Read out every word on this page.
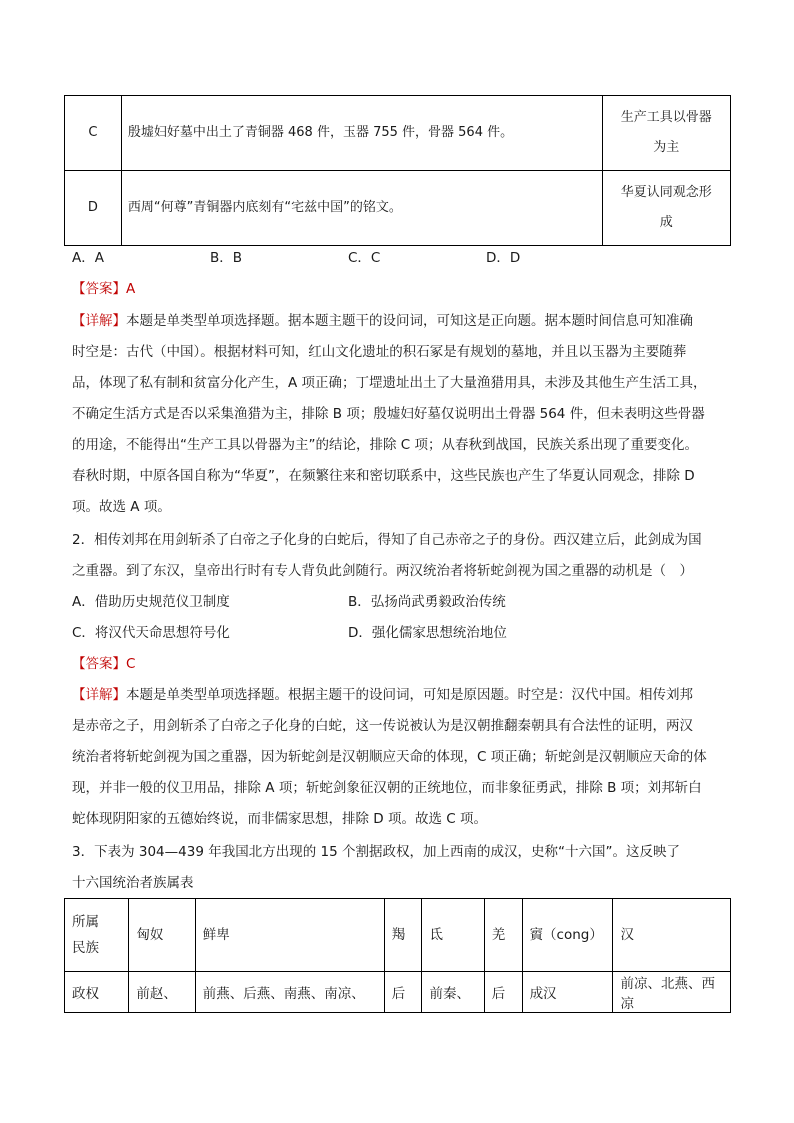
C	殷墟妇好墓中出土了青铜器 468 件，玉器 755 件，骨器 564 件。	生产工具以骨器
为主

D	西周“何尊”青铜器内底刻有“宅兹中国”的铭文。	华夏认同观念形
成
A．A	B．B	C．C	D．D
【答案】A
【详解】本题是单类型单项选择题。据本题主题干的设问词，可知这是正向题。据本题时间信息可知准确
时空是：古代（中国）。根据材料可知，红山文化遗址的积石冢是有规划的墓地，并且以玉器为主要随葬
品，体现了私有制和贫富分化产生，A 项正确；丁堽遗址出土了大量渔猎用具，未涉及其他生产生活工具，
不确定生活方式是否以采集渔猎为主，排除 B 项；殷墟妇好墓仅说明出土骨器 564 件，但未表明这些骨器
的用途，不能得出“生产工具以骨器为主”的结论，排除 C 项；从春秋到战国，民族关系出现了重要变化。
春秋时期，中原各国自称为“华夏”，在频繁往来和密切联系中，这些民族也产生了华夏认同观念，排除 D
项。故选 A 项。
2．相传刘邦在用剑斩杀了白帝之子化身的白蛇后，得知了自己赤帝之子的身份。西汉建立后，此剑成为国
之重器。到了东汉，皇帝出行时有专人背负此剑随行。两汉统治者将斩蛇剑视为国之重器的动机是（　）
A．借助历史规范仪卫制度	B．弘扬尚武勇毅政治传统
C．将汉代天命思想符号化	D．强化儒家思想统治地位
【答案】C
【详解】本题是单类型单项选择题。根据主题干的设问词，可知是原因题。时空是：汉代中国。相传刘邦
是赤帝之子，用剑斩杀了白帝之子化身的白蛇，这一传说被认为是汉朝推翻秦朝具有合法性的证明，两汉
统治者将斩蛇剑视为国之重器，因为斩蛇剑是汉朝顺应天命的体现，C 项正确；斩蛇剑是汉朝顺应天命的体
现，并非一般的仪卫用品，排除 A 项；斩蛇剑象征汉朝的正统地位，而非象征勇武，排除 B 项；刘邦斩白
蛇体现阴阳家的五德始终说，而非儒家思想，排除 D 项。故选 C 项。
3．下表为 304—439 年我国北方出现的 15 个割据政权，加上西南的成汉，史称“十六国”。这反映了
十六国统治者族属表
所属
民族	匈奴	鲜卑	羯	氐	羌	賨（cong）	汉
政权	前赵、	前燕、后燕、南燕、南凉、	后	前秦、	后	成汉	前凉、北燕、西凉
